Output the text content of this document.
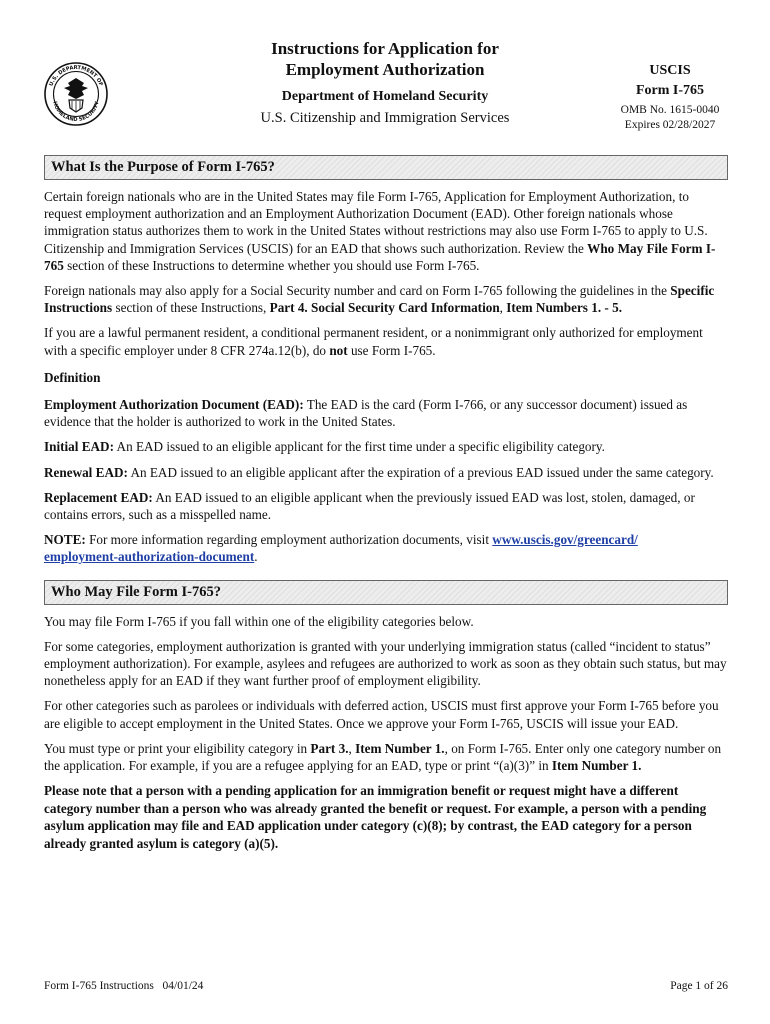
U.S. DEPARTMENT OF
HOMELAND SECURITY
Instructions for Application for
Employment Authorization
Department of Homeland Security
U.S. Citizenship and Immigration Services
USCIS
Form I-765
OMB No. 1615-0040
Expires 02/28/2027
What Is the Purpose of Form I-765?

Certain foreign nationals who are in the United States may file Form I-765, Application for Employment Authorization, to request employment authorization and an Employment Authorization Document (EAD). Other foreign nationals whose immigration status authorizes them to work in the United States without restrictions may also use Form I-765 to apply to U.S. Citizenship and Immigration Services (USCIS) for an EAD that shows such authorization. Review the Who May File Form I-765 section of these Instructions to determine whether you should use Form I-765.

Foreign nationals may also apply for a Social Security number and card on Form I-765 following the guidelines in the Specific Instructions section of these Instructions, Part 4. Social Security Card Information, Item Numbers 1. - 5.

If you are a lawful permanent resident, a conditional permanent resident, or a nonimmigrant only authorized for employment with a specific employer under 8 CFR 274a.12(b), do not use Form I-765.

Definition

Employment Authorization Document (EAD): The EAD is the card (Form I-766, or any successor document) issued as evidence that the holder is authorized to work in the United States.

Initial EAD: An EAD issued to an eligible applicant for the first time under a specific eligibility category.

Renewal EAD: An EAD issued to an eligible applicant after the expiration of a previous EAD issued under the same category.

Replacement EAD: An EAD issued to an eligible applicant when the previously issued EAD was lost, stolen, damaged, or contains errors, such as a misspelled name.

NOTE: For more information regarding employment authorization documents, visit www.uscis.gov/greencard/
employment-authorization-document.

Who May File Form I-765?

You may file Form I-765 if you fall within one of the eligibility categories below.

For some categories, employment authorization is granted with your underlying immigration status (called “incident to status” employment authorization). For example, asylees and refugees are authorized to work as soon as they obtain such status, but may nonetheless apply for an EAD if they want further proof of employment eligibility.

For other categories such as parolees or individuals with deferred action, USCIS must first approve your Form I-765 before you are eligible to accept employment in the United States. Once we approve your Form I-765, USCIS will issue your EAD.

You must type or print your eligibility category in Part 3., Item Number 1., on Form I-765. Enter only one category number on the application. For example, if you are a refugee applying for an EAD, type or print “(a)(3)” in Item Number 1.

Please note that a person with a pending application for an immigration benefit or request might have a different category number than a person who was already granted the benefit or request. For example, a person with a pending asylum application may file and EAD application under category (c)(8); by contrast, the EAD category for a person already granted asylum is category (a)(5).

Form I-765 Instructions   04/01/24	Page 1 of 26
